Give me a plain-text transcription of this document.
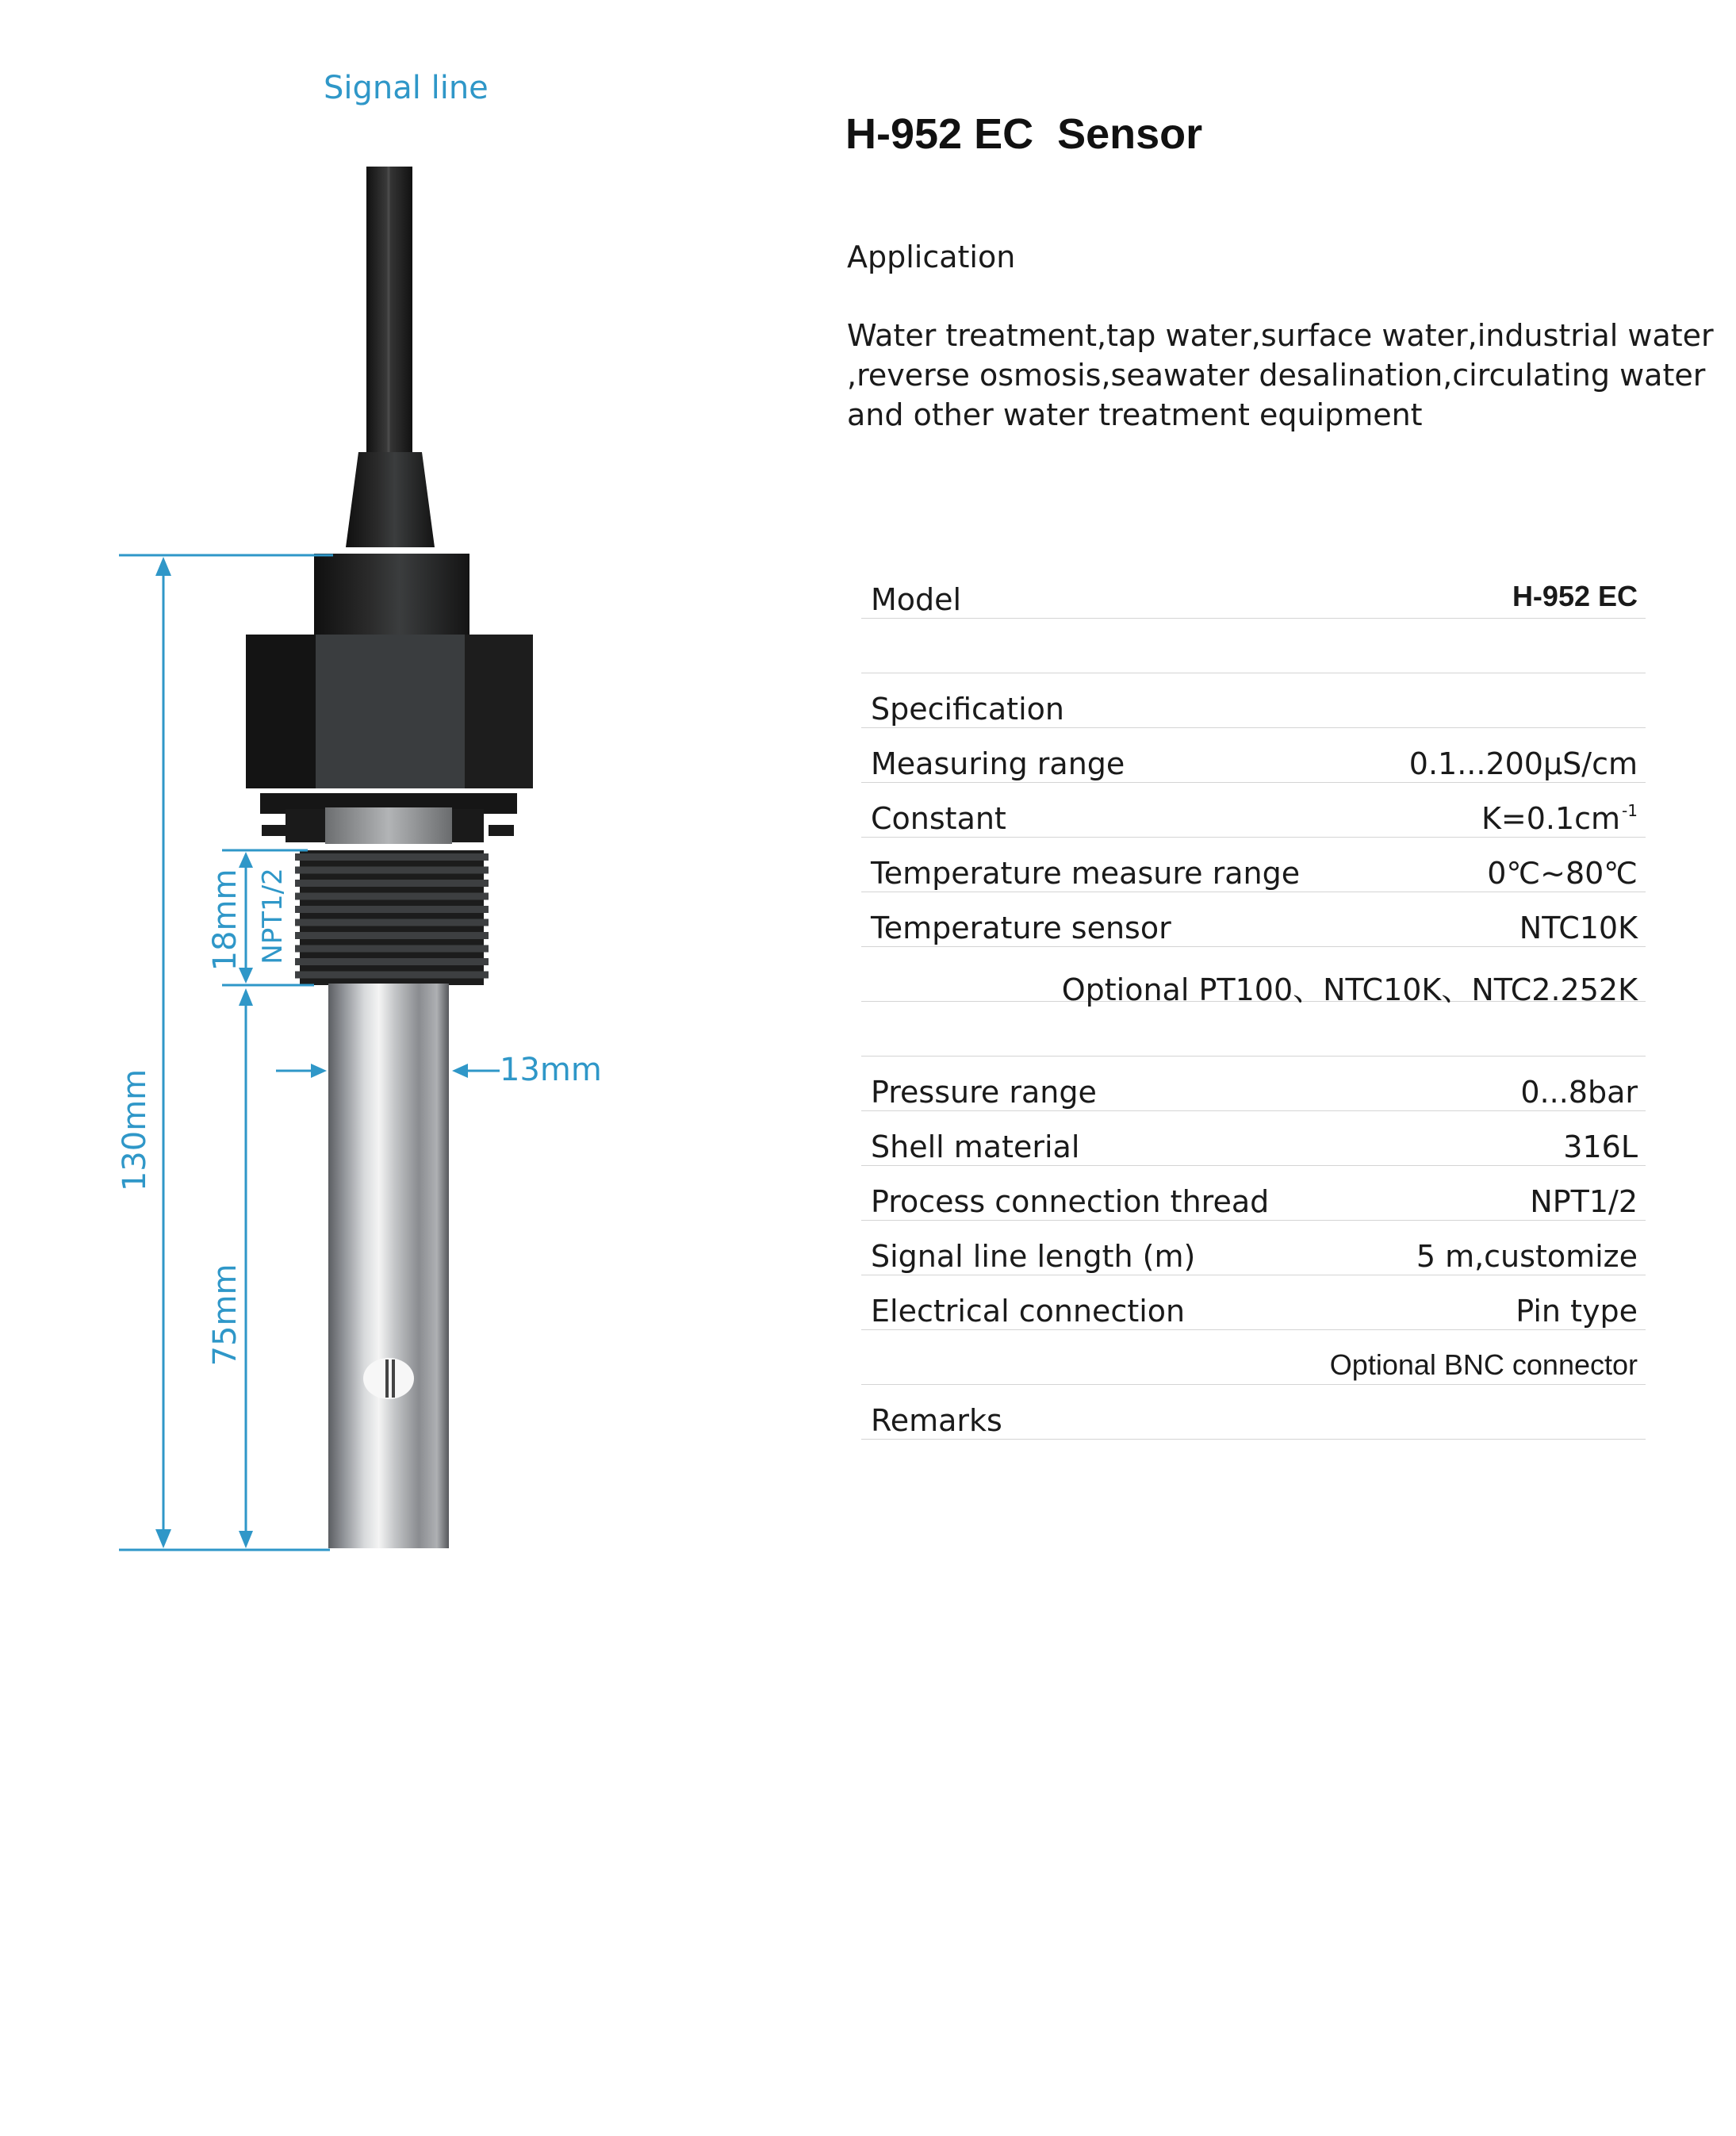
Signal line
13mm
130mm
18mm NPT1/2
75mm
H-952 EC  Sensor
Application
Water treatment,tap water,surface water,industrial water
,reverse osmosis,seawater desalination,circulating water
and other water treatment equipment
Model	H-952 EC
Specification
Measuring range	0.1...200µS/cm
Constant	K=0.1cm $^{-1}$
Temperature measure range	0℃~80℃
Temperature sensor	NTC10K
Optional PT100、NTC10K、NTC2.252K
Pressure range	0...8bar
Shell material	316L
Process connection thread	NPT1/2
Signal line length (m)	5 m,customize
Electrical connection	Pin type
Optional BNC connector
Remarks
